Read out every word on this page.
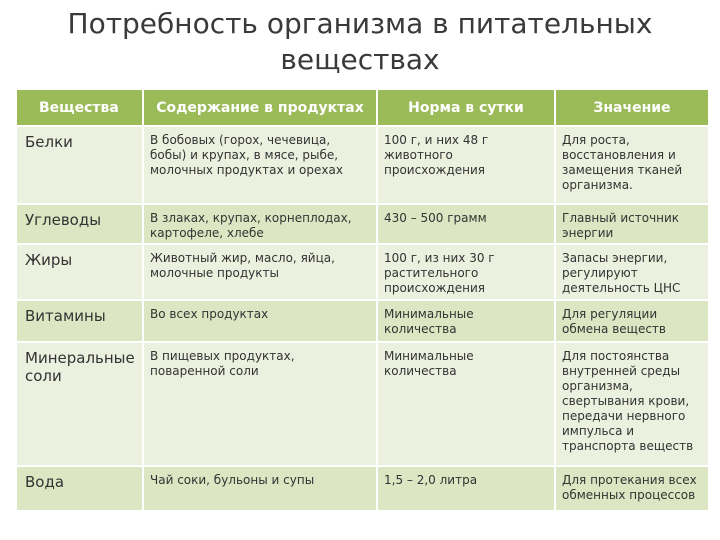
Потребность организма в питательных
веществах
Вещества	Содержание в продуктах	Норма в сутки	Значение
Белки	В бобовых (горох, чечевица, бобы) и крупах, в мясе, рыбе, молочных продуктах и орехах	100 г, и них 48 г животного происхождения	Для роста, восстановления и замещения тканей организма.
Углеводы	В злаках, крупах, корнеплодах, картофеле, хлебе	430 – 500 грамм	Главный источник энергии
Жиры	Животный жир, масло, яйца, молочные продукты	100 г, из них 30 г растительного происхождения	Запасы энергии, регулируют деятельность ЦНС
Витамины	Во всех продуктах	Минимальные количества	Для регуляции обмена веществ
Минеральные соли	В пищевых продуктах, поваренной соли	Минимальные количества	Для постоянства внутренней среды организма, свертывания крови, передачи нервного импульса и транспорта веществ
Вода	Чай соки, бульоны и супы	1,5 – 2,0 литра	Для протекания всех обменных процессов
